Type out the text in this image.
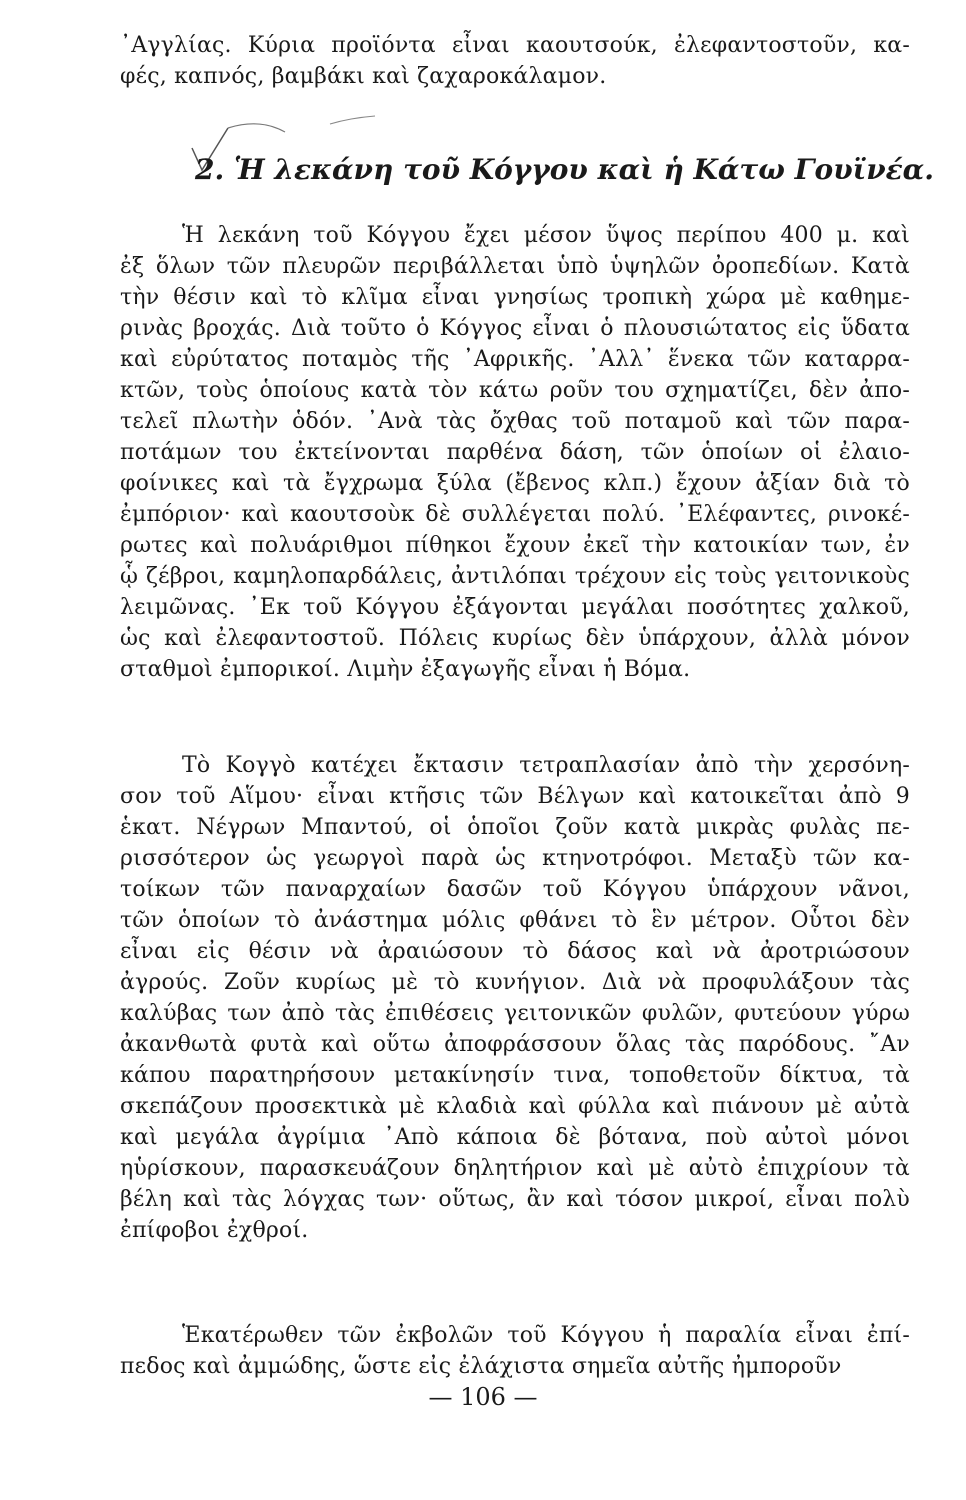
᾿Αγγλίας. Κύρια προϊόντα εἶναι καουτσούκ, ἐλεφαντοστοῦν, κα-
φές, καπνός, βαμβάκι καὶ ζαχαροκάλαμον.
2. Ἡ λεκάνη τοῦ Κόγγου καὶ ἡ Κάτω Γουϊνέα.
Ἡ λεκάνη τοῦ Κόγγου ἔχει μέσον ὕψος περίπου 400 μ. καὶ
ἐξ ὅλων τῶν πλευρῶν περιβάλλεται ὑπὸ ὑψηλῶν ὀροπεδίων. Κατὰ
τὴν θέσιν καὶ τὸ κλῖμα εἶναι γνησίως τροπικὴ χώρα μὲ καθημε-
ρινὰς βροχάς. Διὰ τοῦτο ὁ Κόγγος εἶναι ὁ πλουσιώτατος εἰς ὕδατα
καὶ εὐρύτατος ποταμὸς τῆς ᾿Αφρικῆς. ᾿Αλλ᾿ ἕνεκα τῶν καταρρα-
κτῶν, τοὺς ὁποίους κατὰ τὸν κάτω ροῦν του σχηματίζει, δὲν ἀπο-
τελεῖ πλωτὴν ὁδόν. ᾿Ανὰ τὰς ὄχθας τοῦ ποταμοῦ καὶ τῶν παρα-
ποτάμων του ἐκτείνονται παρθένα δάση, τῶν ὁποίων οἱ ἐλαιο-
φοίνικες καὶ τὰ ἔγχρωμα ξύλα (ἔβενος κλπ.) ἔχουν ἀξίαν διὰ τὸ
ἐμπόριον· καὶ καουτσοὺκ δὲ συλλέγεται πολύ. ᾿Ελέφαντες, ρινοκέ-
ρωτες καὶ πολυάριθμοι πίθηκοι ἔχουν ἐκεῖ τὴν κατοικίαν των, ἐν
ᾧ ζέβροι, καμηλοπαρδάλεις, ἀντιλόπαι τρέχουν εἰς τοὺς γειτονικοὺς
λειμῶνας. ᾿Εκ τοῦ Κόγγου ἐξάγονται μεγάλαι ποσότητες χαλκοῦ,
ὡς καὶ ἐλεφαντοστοῦ. Πόλεις κυρίως δὲν ὑπάρχουν, ἀλλὰ μόνον
σταθμοὶ ἐμπορικοί. Λιμὴν ἐξαγωγῆς εἶναι ἡ Βόμα.
Τὸ Κογγὸ κατέχει ἔκτασιν τετραπλασίαν ἀπὸ τὴν χερσόνη-
σον τοῦ Αἵμου· εἶναι κτῆσις τῶν Βέλγων καὶ κατοικεῖται ἀπὸ 9
ἑκατ. Νέγρων Μπαντού, οἱ ὁποῖοι ζοῦν κατὰ μικρὰς φυλὰς πε-
ρισσότερον ὡς γεωργοὶ παρὰ ὡς κτηνοτρόφοι. Μεταξὺ τῶν κα-
τοίκων τῶν παναρχαίων δασῶν τοῦ Κόγγου ὑπάρχουν νᾶνοι,
τῶν ὁποίων τὸ ἀνάστημα μόλις φθάνει τὸ ἓν μέτρον. Οὗτοι δὲν
εἶναι εἰς θέσιν νὰ ἀραιώσουν τὸ δάσος καὶ νὰ ἀροτριώσουν
ἀγρούς. Ζοῦν κυρίως μὲ τὸ κυνήγιον. Διὰ νὰ προφυλάξουν τὰς
καλύβας των ἀπὸ τὰς ἐπιθέσεις γειτονικῶν φυλῶν, φυτεύουν γύρω
ἀκανθωτὰ φυτὰ καὶ οὕτω ἀποφράσσουν ὅλας τὰς παρόδους. ῎Αν
κάπου παρατηρήσουν μετακίνησίν τινα, τοποθετοῦν δίκτυα, τὰ
σκεπάζουν προσεκτικὰ μὲ κλαδιὰ καὶ φύλλα καὶ πιάνουν μὲ αὐτὰ
καὶ μεγάλα ἀγρίμια ᾿Απὸ κάποια δὲ βότανα, ποὺ αὐτοὶ μόνοι
ηὑρίσκουν, παρασκευάζουν δηλητήριον καὶ μὲ αὐτὸ ἐπιχρίουν τὰ
βέλη καὶ τὰς λόγχας των· οὕτως, ἂν καὶ τόσον μικροί, εἶναι πολὺ
ἐπίφοβοι ἐχθροί.
Ἑκατέρωθεν τῶν ἐκβολῶν τοῦ Κόγγου ἡ παραλία εἶναι ἐπί-
πεδος καὶ ἀμμώδης, ὥστε εἰς ἐλάχιστα σημεῖα αὐτῆς ἠμποροῦν
— 106 —
